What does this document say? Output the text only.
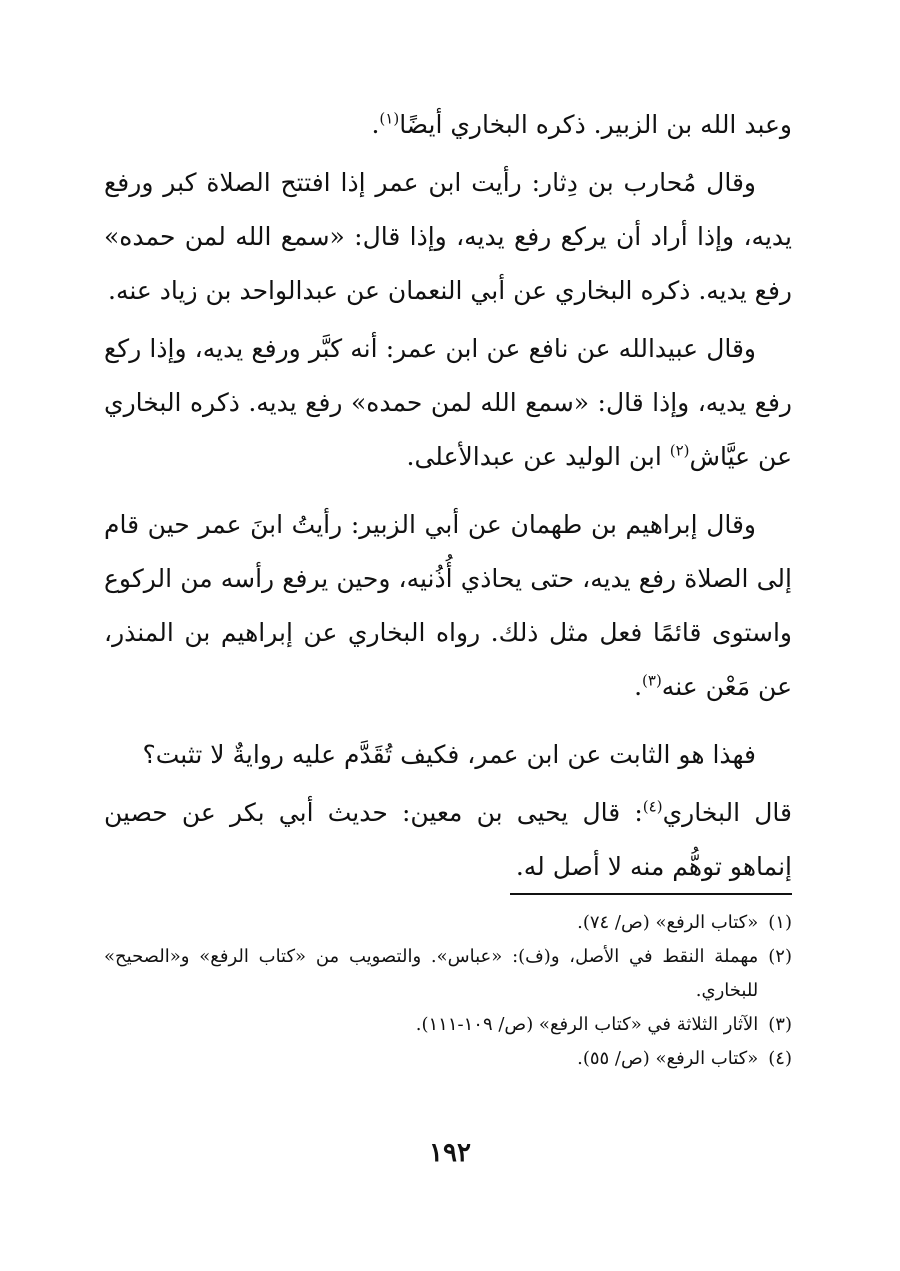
وعبد الله بن الزبير. ذكره البخاري أيضًا$^{(١)}$.

وقال مُحارب بن دِثار: رأيت ابن عمر إذا افتتح الصلاة كبر ورفع يديه، وإذا أراد أن يركع رفع يديه، وإذا قال: «سمع الله لمن حمده» رفع يديه. ذكره البخاري عن أبي النعمان عن عبدالواحد بن زياد عنه.

وقال عبيدالله عن نافع عن ابن عمر: أنه كبَّر ورفع يديه، وإذا ركع رفع يديه، وإذا قال: «سمع الله لمن حمده» رفع يديه. ذكره البخاري عن عيَّاش$^{(٢)}$ ابن الوليد عن عبدالأعلى.

وقال إبراهيم بن طهمان عن أبي الزبير: رأيتُ ابنَ عمر حين قام إلى الصلاة رفع يديه، حتى يحاذي أُذُنيه، وحين يرفع رأسه من الركوع واستوى قائمًا فعل مثل ذلك. رواه البخاري عن إبراهيم بن المنذر، عن مَعْن عنه$^{(٣)}$.

فهذا هو الثابت عن ابن عمر، فكيف تُقَدَّم عليه روايةٌ لا تثبت؟

قال البخاري$^{(٤)}$: قال يحيى بن معين: حديث أبي بكر عن حصين إنماهو توهُّم منه لا أصل له.

(١)
«كتاب الرفع» (ص/ ٧٤).
(٢)
مهملة النقط في الأصل، و(ف): «عباس». والتصويب من «كتاب الرفع» و«الصحيح» للبخاري.
(٣)
الآثار الثلاثة في «كتاب الرفع» (ص/ ١٠٩-١١١).
(٤)
«كتاب الرفع» (ص/ ٥٥).
١٩٢
